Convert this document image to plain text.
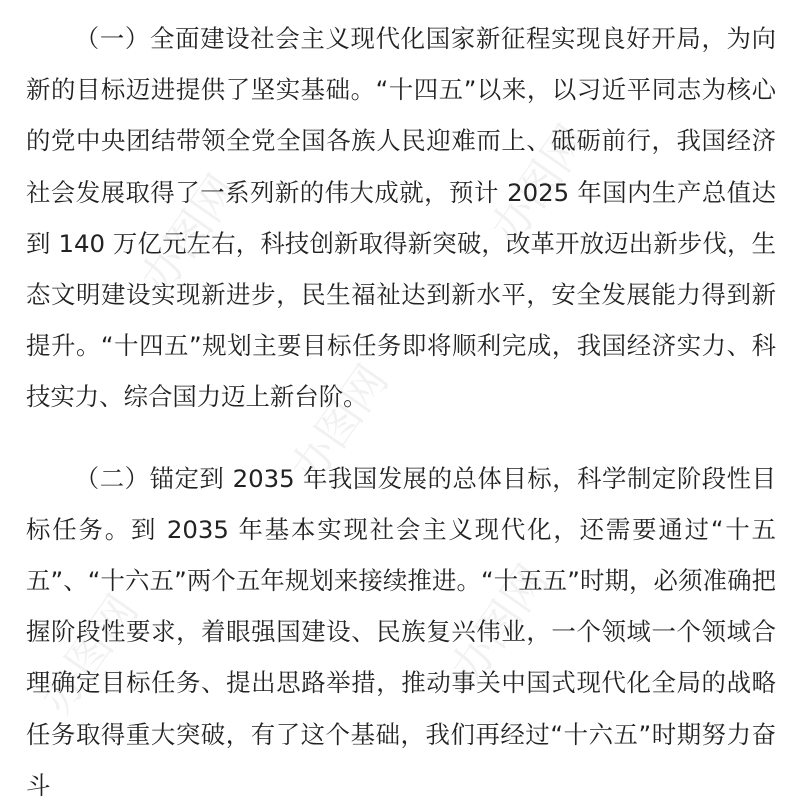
办图网	办图网
办图网
办图网
办图网

（一）全面建设社会主义现代化国家新征程实现良好开局，为向新的目标迈进提供了坚实基础。“十四五”以来，以习近平同志为核心的党中央团结带领全党全国各族人民迎难而上、砥砺前行，我国经济社会发展取得了一系列新的伟大成就，预计 2025 年国内生产总值达到 140 万亿元左右，科技创新取得新突破，改革开放迈出新步伐，生态文明建设实现新进步，民生福祉达到新水平，安全发展能力得到新提升。“十四五”规划主要目标任务即将顺利完成，我国经济实力、科技实力、综合国力迈上新台阶。

（二）锚定到 2035 年我国发展的总体目标，科学制定阶段性目标任务。到 2035 年基本实现社会主义现代化，还需要通过“十五五”、“十六五”两个五年规划来接续推进。“十五五”时期，必须准确把握阶段性要求，着眼强国建设、民族复兴伟业，一个领域一个领域合理确定目标任务、提出思路举措，推动事关中国式现代化全局的战略任务取得重大突破，有了这个基础，我们再经过“十六五”时期努力奋斗
